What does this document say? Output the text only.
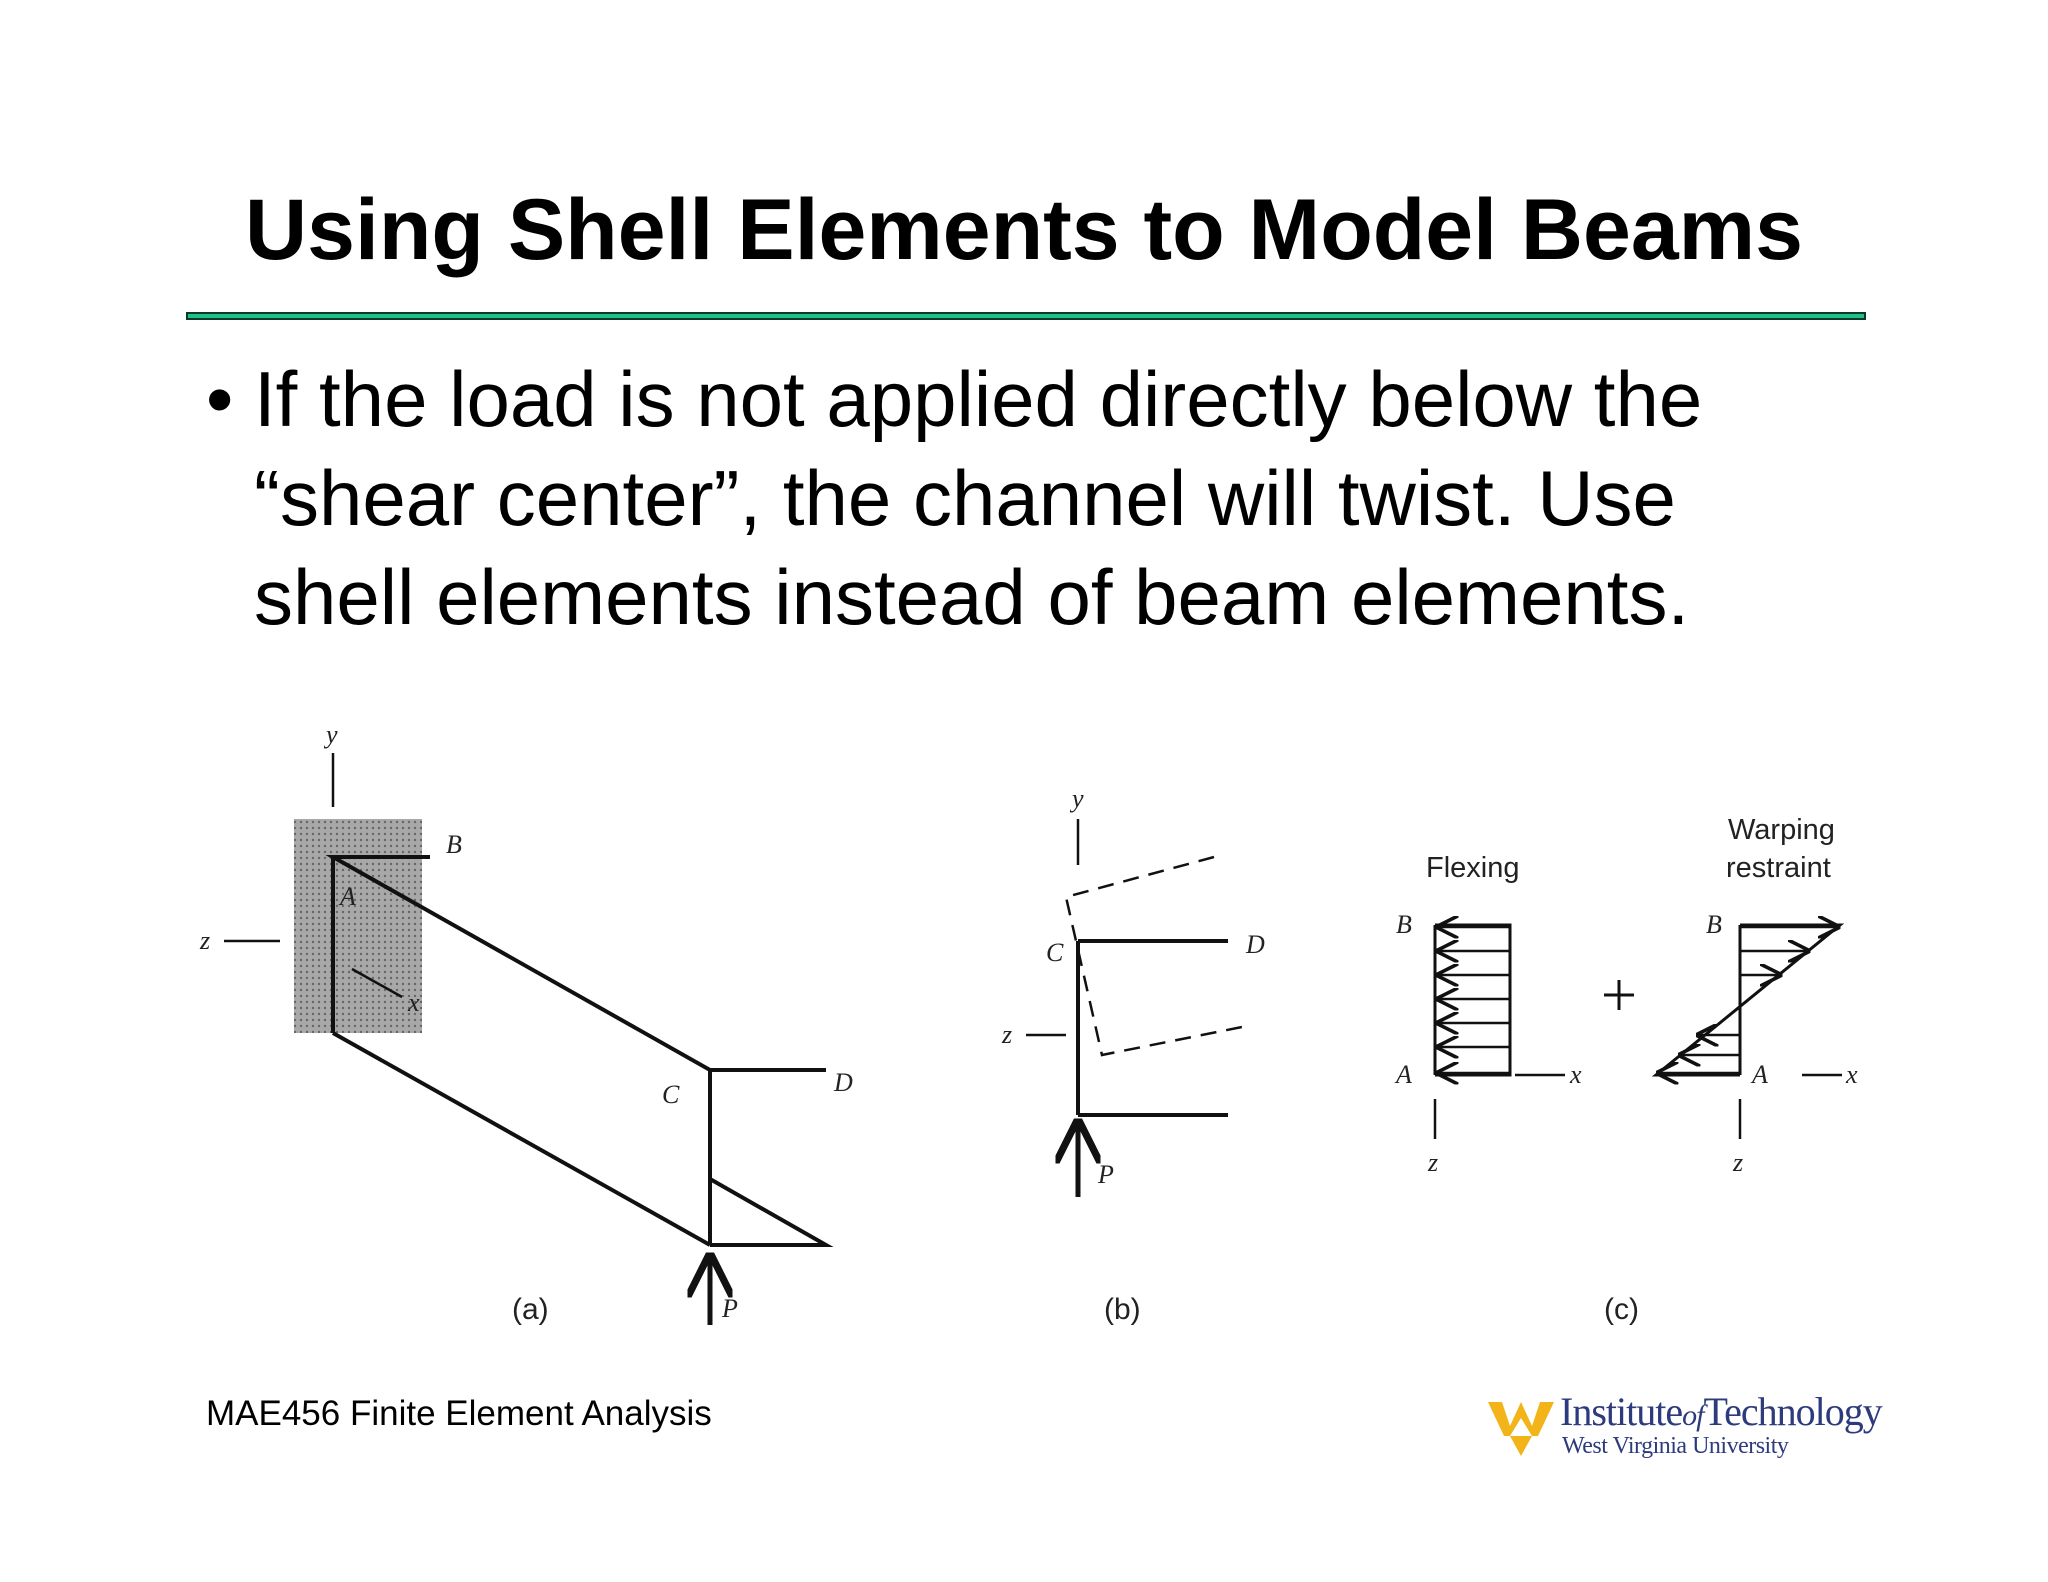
Using Shell Elements to Model Beams
• If the load is not applied directly below the
“shear center”, the channel will twist. Use
shell elements instead of beam elements.
y
z
x
A
B
C	D
P
(a)
y
z
C	D
P
(b)
Flexing
Warping
restraint
B
A	x
z
B
A	x
z
(c)
MAE456 Finite Element Analysis	InstituteofTechnology
West Virginia University
